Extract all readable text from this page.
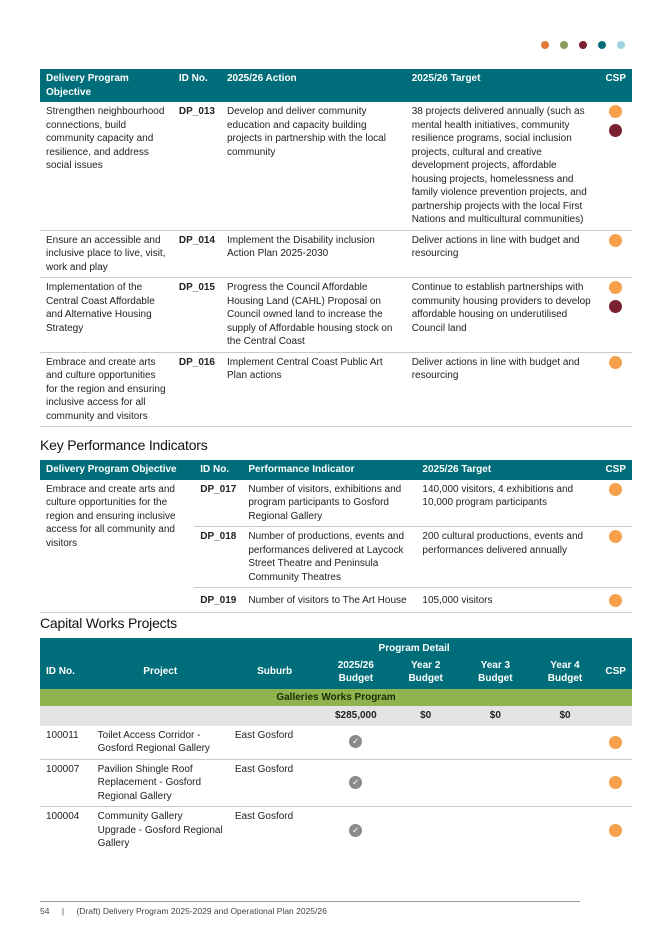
Delivery Program Objective	ID No.	2025/26 Action	2025/26 Target	CSP
Strengthen neighbourhood connections, build community capacity and resilience, and address social issues	DP_013	Develop and deliver community education and capacity building projects in partnership with the local community	38 projects delivered annually (such as mental health initiatives, community resilience programs, social inclusion projects, cultural and creative development projects, affordable housing projects, homelessness and family violence prevention projects, and partnership projects with the local First Nations and multicultural communities)	

Ensure an accessible and inclusive place to live, visit, work and play	DP_014	Implement the Disability inclusion Action Plan 2025-2030	Deliver actions in line with budget and resourcing	

Implementation of the Central Coast Affordable and Alternative Housing Strategy	DP_015	Progress the Council Affordable Housing Land (CAHL) Proposal on Council owned land to increase the supply of Affordable housing stock on the Central Coast	Continue to establish partnerships with community housing providers to develop affordable housing on underutilised Council land	

Embrace and create arts and culture opportunities for the region and ensuring inclusive access for all community and visitors	DP_016	Implement Central Coast Public Art Plan actions	Deliver actions in line with budget and resourcing	
Key Performance Indicators
Delivery Program Objective	ID No.	Performance Indicator	2025/26 Target	CSP
Embrace and create arts and culture opportunities for the region and ensuring inclusive access for all community and visitors	DP_017	Number of visitors, exhibitions and program participants to Gosford Regional Gallery	140,000 visitors, 4 exhibitions and 10,000 program participants	

	DP_018	Number of productions, events and performances delivered at Laycock Street Theatre and Peninsula Community Theatres	200 cultural productions, events and performances delivered annually	

	DP_019	Number of visitors to The Art House	105,000 visitors	
Capital Works Projects
		Program Detail					
ID No.	Project	Suburb	2025/26 Budget	Year 2 Budget	Year 3 Budget	Year 4 Budget	CSP
Galleries Works Program							
			$285,000	$0	$0	$0	
100011	Toilet Access Corridor - Gosford Regional Gallery	East Gosford	✓				

100007	Pavilion Shingle Roof Replacement - Gosford Regional Gallery	East Gosford	✓				

100004	Community Gallery Upgrade - Gosford Regional Gallery	East Gosford	✓				
54 | (Draft) Delivery Program 2025-2029 and Operational Plan 2025/26
